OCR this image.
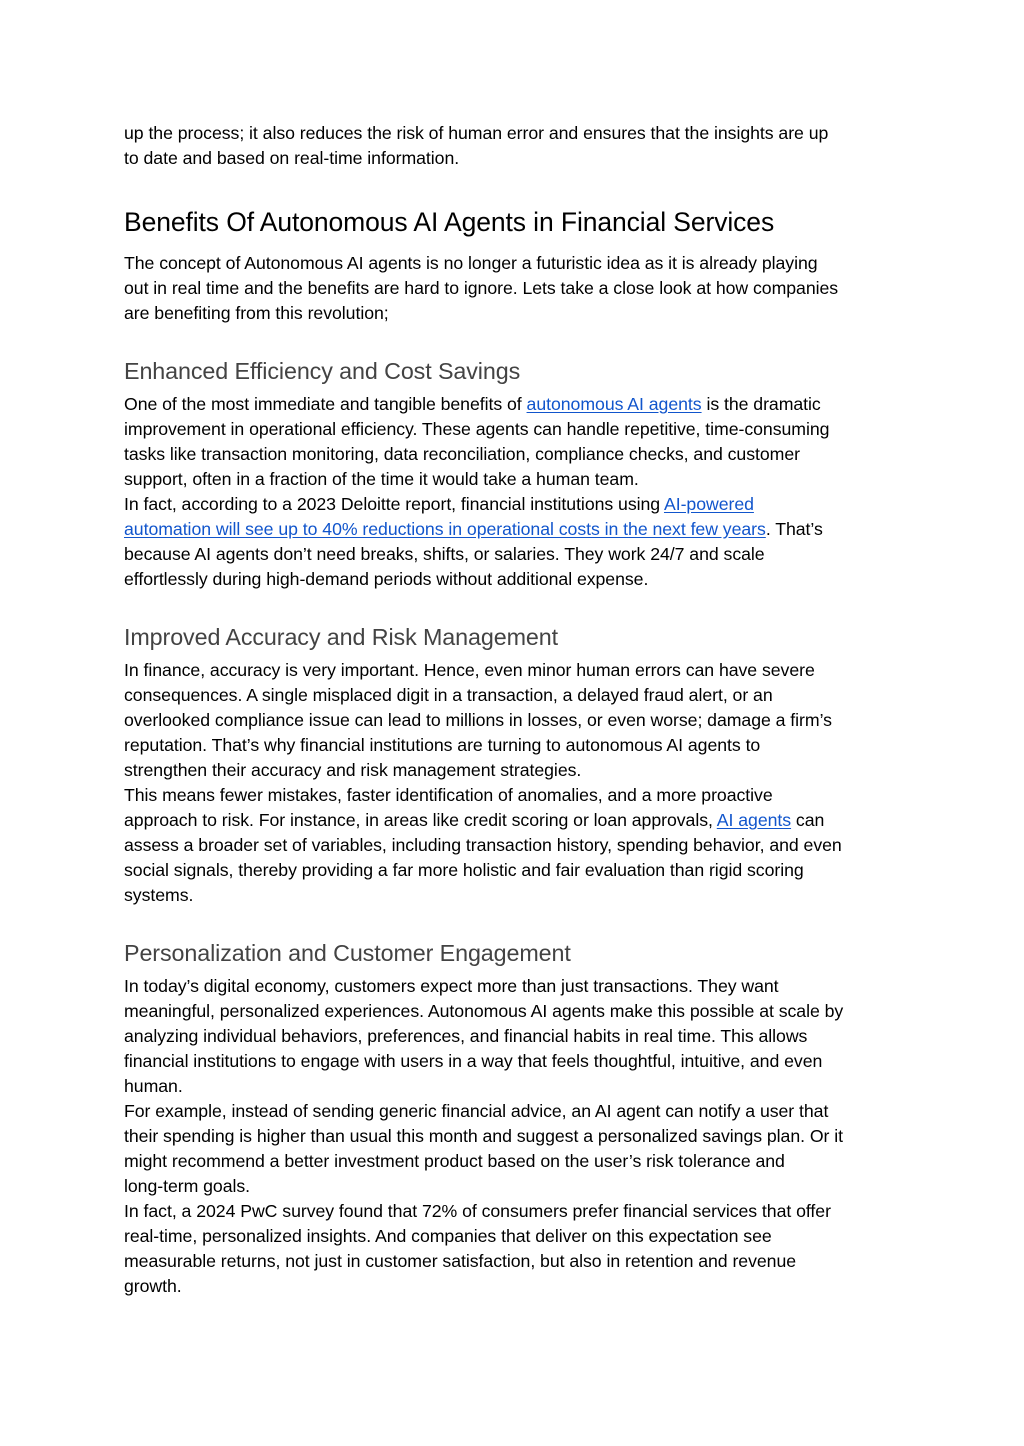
up the process; it also reduces the risk of human error and ensures that the insights are up

to date and based on real-time information.

Benefits Of Autonomous AI Agents in Financial Services

The concept of Autonomous AI agents is no longer a futuristic idea as it is already playing

out in real time and the benefits are hard to ignore. Lets take a close look at how companies

are benefiting from this revolution;

Enhanced Efficiency and Cost Savings

One of the most immediate and tangible benefits of autonomous AI agents is the dramatic

improvement in operational efficiency. These agents can handle repetitive, time-consuming

tasks like transaction monitoring, data reconciliation, compliance checks, and customer

support, often in a fraction of the time it would take a human team.

In fact, according to a 2023 Deloitte report, financial institutions using AI-powered

automation will see up to 40% reductions in operational costs in the next few years. That’s

because AI agents don’t need breaks, shifts, or salaries. They work 24/7 and scale

effortlessly during high-demand periods without additional expense.

Improved Accuracy and Risk Management

In finance, accuracy is very important. Hence, even minor human errors can have severe

consequences. A single misplaced digit in a transaction, a delayed fraud alert, or an

overlooked compliance issue can lead to millions in losses, or even worse; damage a firm’s

reputation. That’s why financial institutions are turning to autonomous AI agents to

strengthen their accuracy and risk management strategies.

This means fewer mistakes, faster identification of anomalies, and a more proactive

approach to risk. For instance, in areas like credit scoring or loan approvals, AI agents can

assess a broader set of variables, including transaction history, spending behavior, and even

social signals, thereby providing a far more holistic and fair evaluation than rigid scoring

systems.

Personalization and Customer Engagement

In today’s digital economy, customers expect more than just transactions. They want

meaningful, personalized experiences. Autonomous AI agents make this possible at scale by

analyzing individual behaviors, preferences, and financial habits in real time. This allows

financial institutions to engage with users in a way that feels thoughtful, intuitive, and even

human.

For example, instead of sending generic financial advice, an AI agent can notify a user that

their spending is higher than usual this month and suggest a personalized savings plan. Or it

might recommend a better investment product based on the user’s risk tolerance and

long-term goals.

In fact, a 2024 PwC survey found that 72% of consumers prefer financial services that offer

real-time, personalized insights. And companies that deliver on this expectation see

measurable returns, not just in customer satisfaction, but also in retention and revenue

growth.
